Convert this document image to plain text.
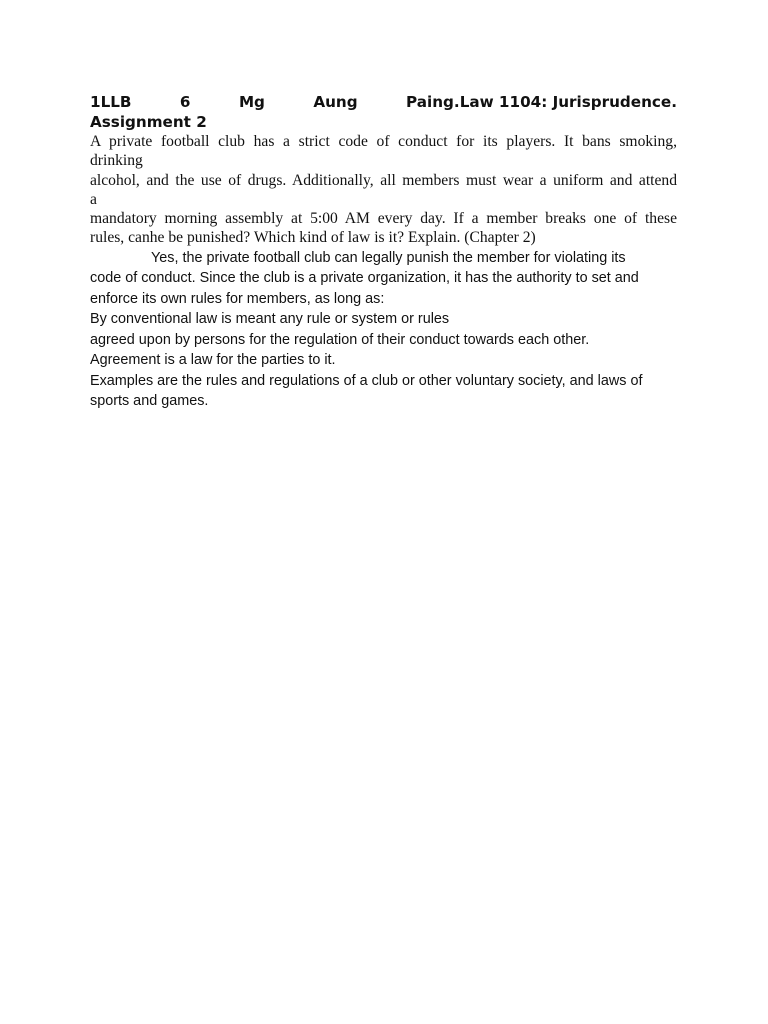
1LLB 6 Mg Aung Paing. Law 1104: Jurisprudence.
Assignment 2
A private football club has a strict code of conduct for its players. It bans smoking,
drinking
alcohol, and the use of drugs. Additionally, all members must wear a uniform and attend
a
mandatory morning assembly at 5:00 AM every day. If a member breaks one of these
rules, canhe be punished? Which kind of law is it? Explain. (Chapter 2)
Yes, the private football club can legally punish the member for violating its
code of conduct. Since the club is a private organization, it has the authority to set and
enforce its own rules for members, as long as:
By conventional law is meant any rule or system or rules
agreed upon by persons for the regulation of their conduct towards each other.
Agreement is a law for the parties to it.
Examples are the rules and regulations of a club or other voluntary society, and laws of
sports and games.
